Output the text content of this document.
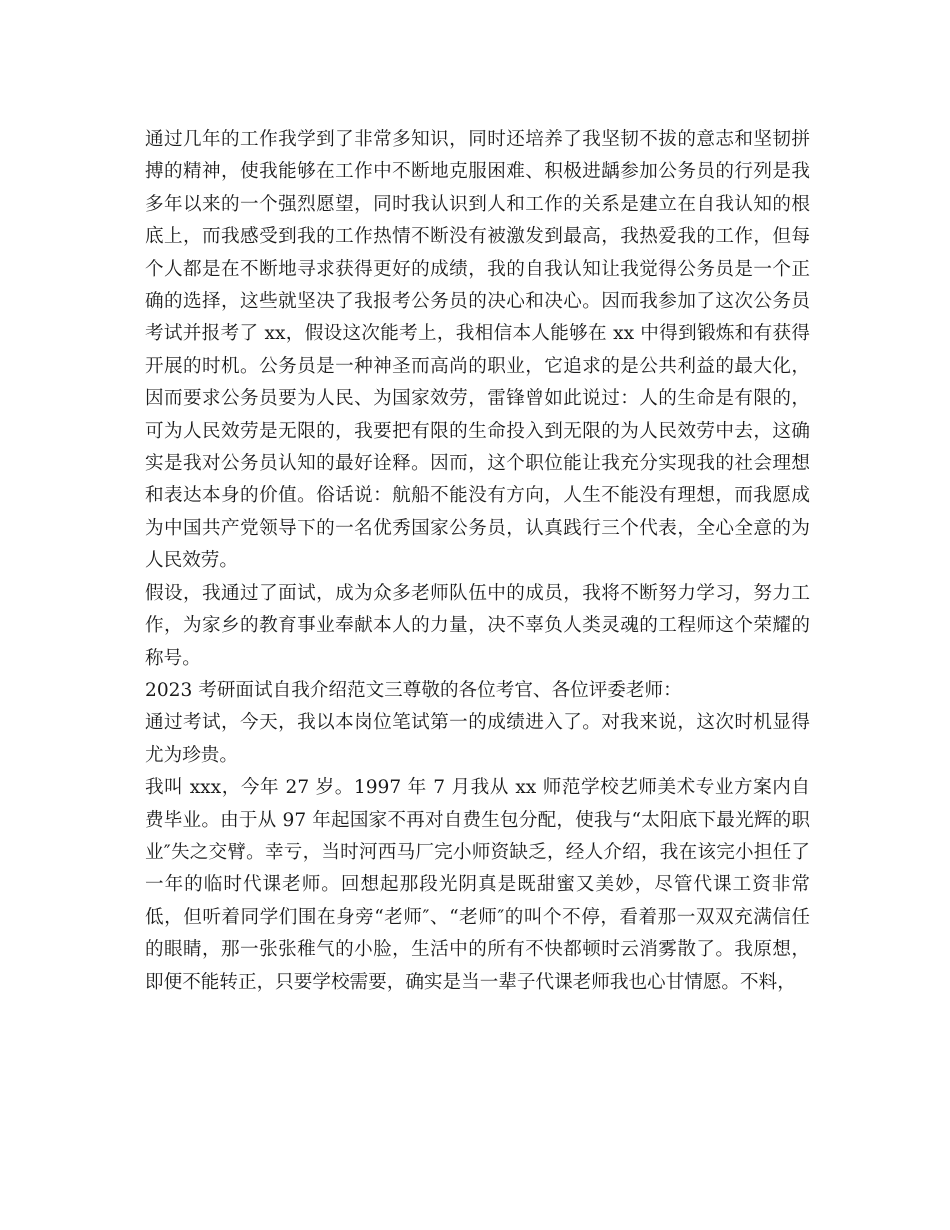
通过几年的工作我学到了非常多知识，同时还培养了我坚韧不拔的意志和坚韧拼搏的精神，使我能够在工作中不断地克服困难、积极进龋参加公务员的行列是我多年以来的一个强烈愿望，同时我认识到人和工作的关系是建立在自我认知的根底上，而我感受到我的工作热情不断没有被激发到最高，我热爱我的工作，但每个人都是在不断地寻求获得更好的成绩，我的自我认知让我觉得公务员是一个正确的选择，这些就坚决了我报考公务员的决心和决心。因而我参加了这次公务员考试并报考了 xx，假设这次能考上，我相信本人能够在 xx 中得到锻炼和有获得开展的时机。公务员是一种神圣而高尚的职业，它追求的是公共利益的最大化，因而要求公务员要为人民、为国家效劳，雷锋曾如此说过：人的生命是有限的，可为人民效劳是无限的，我要把有限的生命投入到无限的为人民效劳中去，这确实是我对公务员认知的最好诠释。因而，这个职位能让我充分实现我的社会理想和表达本身的价值。俗话说：航船不能没有方向，人生不能没有理想，而我愿成为中国共产党领导下的一名优秀国家公务员，认真践行三个代表，全心全意的为人民效劳。

假设，我通过了面试，成为众多老师队伍中的成员，我将不断努力学习，努力工作，为家乡的教育事业奉献本人的力量，决不辜负人类灵魂的工程师这个荣耀的称号。

2023 考研面试自我介绍范文三尊敬的各位考官、各位评委老师：

通过考试，今天，我以本岗位笔试第一的成绩进入了。对我来说，这次时机显得尤为珍贵。

我叫 xxx，今年 27 岁。1997 年 7 月我从 xx 师范学校艺师美术专业方案内自费毕业。由于从 97 年起国家不再对自费生包分配，使我与“太阳底下最光辉的职业″失之交臂。幸亏，当时河西马厂完小师资缺乏，经人介绍，我在该完小担任了一年的临时代课老师。回想起那段光阴真是既甜蜜又美妙，尽管代课工资非常低，但听着同学们围在身旁“老师″、“老师″的叫个不停，看着那一双双充满信任的眼睛，那一张张稚气的小脸，生活中的所有不快都顿时云消雾散了。我原想，即便不能转正，只要学校需要，确实是当一辈子代课老师我也心甘情愿。不料，
